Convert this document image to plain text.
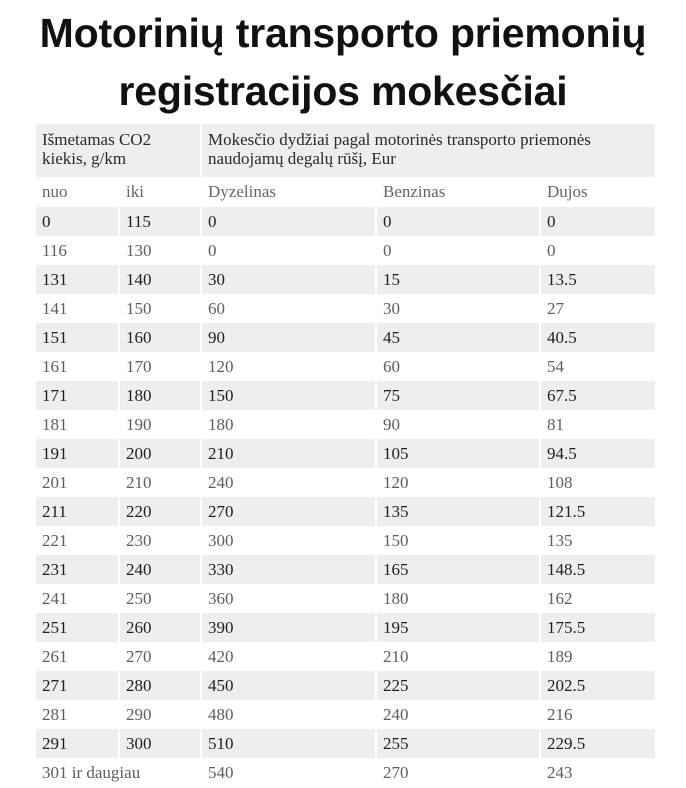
Motorinių transporto priemonių
registracijos mokesčiai
Išmetamas CO2 kiekis, g/km		Mokesčio dydžiai pagal motorinės transporto priemonės naudojamų degalų rūšį, Eur		
nuo	iki	Dyzelinas	Benzinas	Dujos
0	115	0	0	0
116	130	0	0	0
131	140	30	15	13.5
141	150	60	30	27
151	160	90	45	40.5
161	170	120	60	54
171	180	150	75	67.5
181	190	180	90	81
191	200	210	105	94.5
201	210	240	120	108
211	220	270	135	121.5
221	230	300	150	135
231	240	330	165	148.5
241	250	360	180	162
251	260	390	195	175.5
261	270	420	210	189
271	280	450	225	202.5
281	290	480	240	216
291	300	510	255	229.5
301 ir daugiau		540	270	243
